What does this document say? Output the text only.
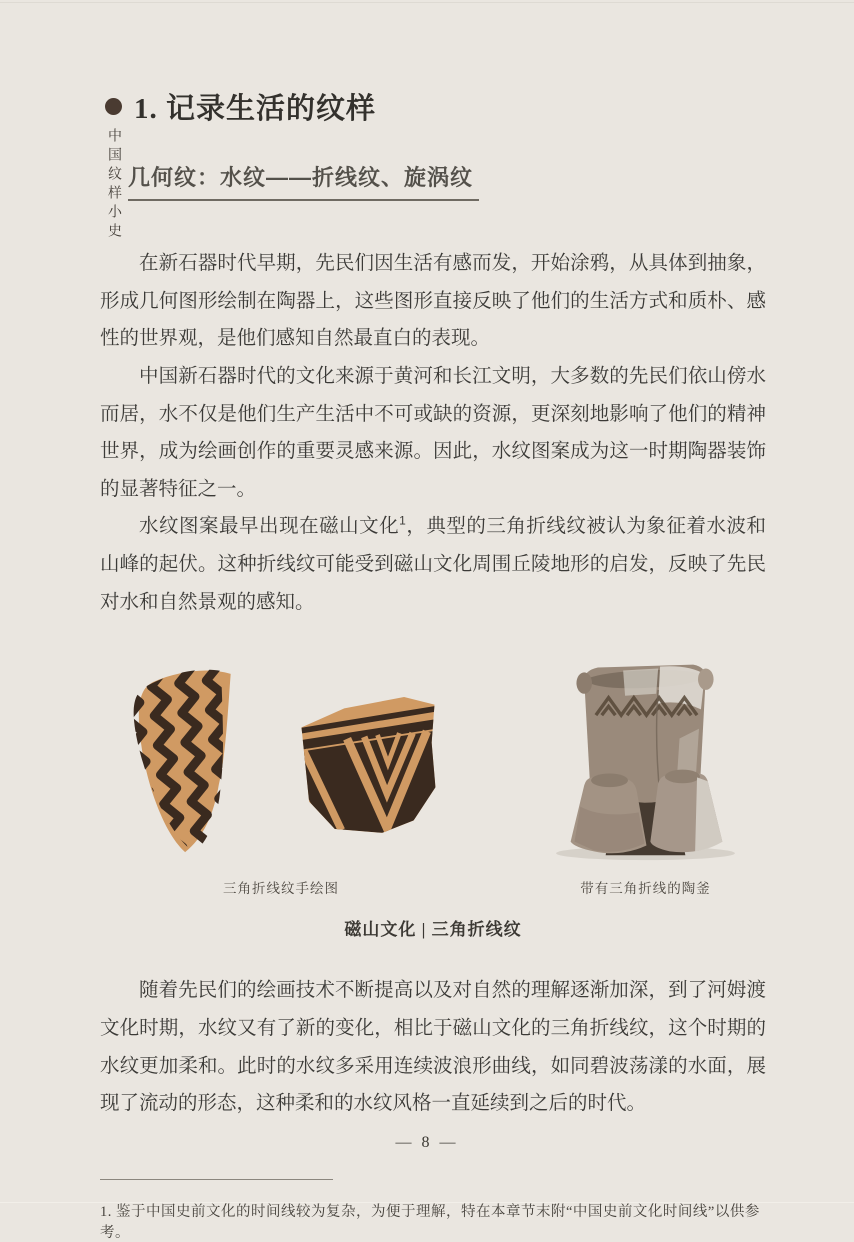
中国纹样小史
1. 记录生活的纹样
几何纹：水纹——折线纹、旋涡纹

在新石器时代早期，先民们因生活有感而发，开始涂鸦，从具体到抽象，形成几何图形绘制在陶器上，这些图形直接反映了他们的生活方式和质朴、感性的世界观，是他们感知自然最直白的表现。

中国新石器时代的文化来源于黄河和长江文明，大多数的先民们依山傍水而居，水不仅是他们生产生活中不可或缺的资源，更深刻地影响了他们的精神世界，成为绘画创作的重要灵感来源。因此，水纹图案成为这一时期陶器装饰的显著特征之一。

水纹图案最早出现在磁山文化$^1$，典型的三角折线纹被认为象征着水波和山峰的起伏。这种折线纹可能受到磁山文化周围丘陵地形的启发，反映了先民对水和自然景观的感知。

三角折线纹手绘图	带有三角折线的陶釜
磁山文化 | 三角折线纹

随着先民们的绘画技术不断提高以及对自然的理解逐渐加深，到了河姆渡文化时期，水纹又有了新的变化，相比于磁山文化的三角折线纹，这个时期的水纹更加柔和。此时的水纹多采用连续波浪形曲线，如同碧波荡漾的水面，展现了流动的形态，这种柔和的水纹风格一直延续到之后的时代。

1. 鉴于中国史前文化的时间线较为复杂，为便于理解，特在本章节末附“中国史前文化时间线”以供参考。
— 8 —
